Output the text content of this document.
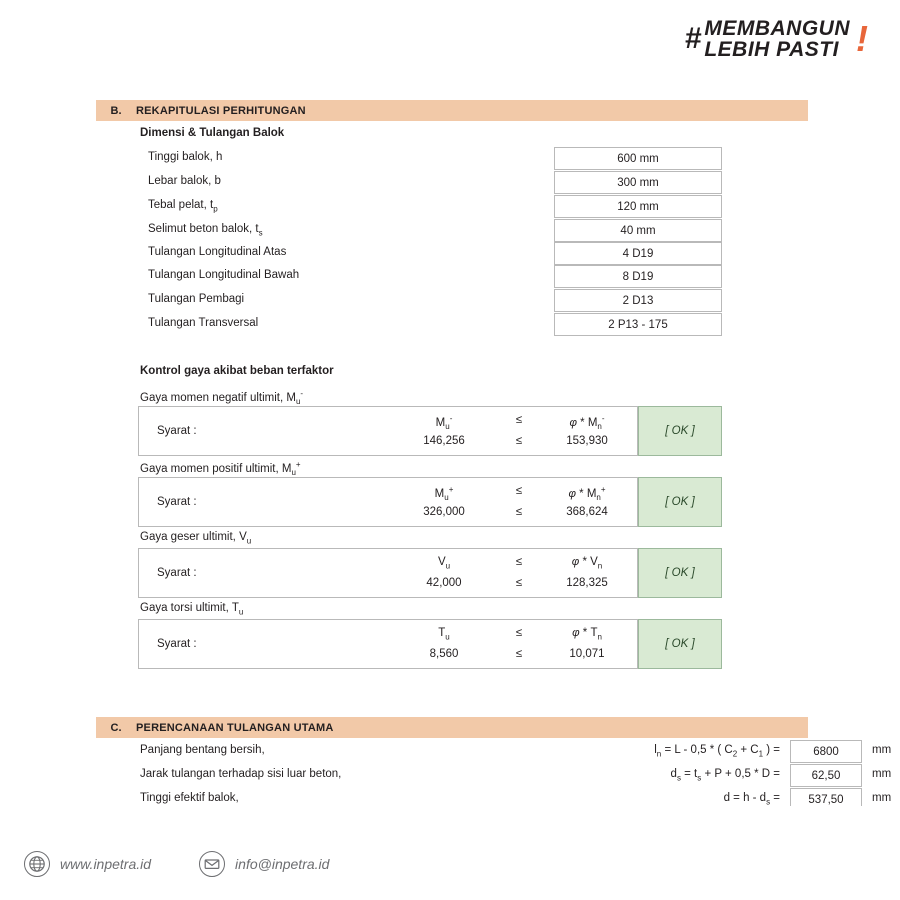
# MEMBANGUN
LEBIH PASTI !
B.	REKAPITULASI PERHITUNGAN
Dimensi & Tulangan Balok
Tinggi balok, h	600 mm
Lebar balok, b	300 mm
Tebal pelat, $t_p$	120 mm
Selimut beton balok, $t_s$	40 mm
Tulangan Longitudinal Atas	4 D19
Tulangan Longitudinal Bawah	8 D19
Tulangan Pembagi	2 D13
Tulangan Transversal	2 P13 - 175
Kontrol gaya akibat beban terfaktor
Gaya momen negatif ultimit, $M_u^-$
Syarat :
$M_u^-$	≤	φ * $M_n^-$
146,256	≤	153,930
[ OK ]
Gaya momen positif ultimit, $M_u^+$
Syarat :
$M_u^+$	≤	φ * $M_n^+$
326,000	≤	368,624
[ OK ]
Gaya geser ultimit, $V_u$
Syarat :
$V_u$	≤	φ * $V_n$
42,000	≤	128,325
[ OK ]
Gaya torsi ultimit, $T_u$
Syarat :
$T_u$	≤	φ * $T_n$
8,560	≤	10,071
[ OK ]
C.	PERENCANAAN TULANGAN UTAMA
Panjang bentang bersih,	$l_n = L - 0,5$ * ( $C_2 + C_1$ ) =	6800	mm
Jarak tulangan terhadap sisi luar beton,	$d_s = t_s + P + 0,5 * D$ =	62,50	mm
Tinggi efektif balok,	$d = h - d_s$ =	537,50	mm
www.inpetra.id	info@inpetra.id
